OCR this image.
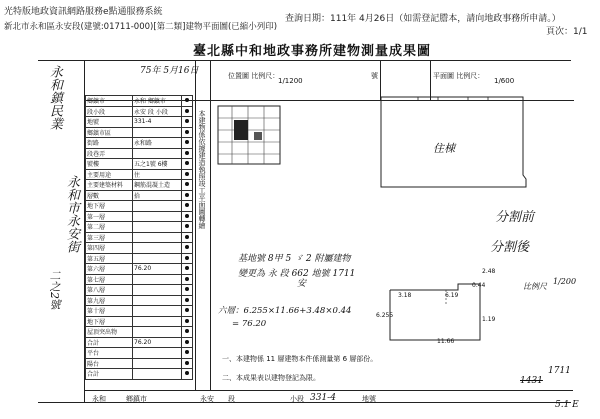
光特版地政資訊網路服務e點通服務系統
查詢日期：111年 4月26日（如需登記謄本，請向地政事務所申請。）
新北市永和區永安段(建號:01711-000)[第二類]建物平面圖(已縮小列印)	頁次：1/1
臺北縣中和地政事務所建物測量成果圖
位置圖 比例尺：
1/1200
號	平面圖 比例尺：
1/600
75年 5月16日
鄉鎮市	永和 鄉鎮市	
段小段	永安 段 小段	
地號	331-4	
鄉鎮市區		
街路	永和路	
段巷弄		
號樓	五之1號 6樓	
主要用途	住	
主要建築材料	鋼筋混凝土造	
層數	拾	
地下層		
第一層		
第二層		
第三層		
第四層		
第五層		
第六層	76.20	
第七層		
第八層		
第九層		
第十層		
地下層		
屋頂突出物		
合計	76.20	
平台		
陽台		
合計		
永和鎮民業
永和市永安街
二之2號
本建物係依據建造執照竣工平面圖轉繪	住棟
分割前
分割後
基地號 8甲 5 ゞ 2 附屬建物
變更為 永 段 662 地號 1711
安	比例尺
1/200
2.48
0.44
3.18
6.255
11.66
6.19
1.19
六層：6.255×11.66+3.48×0.44
= 76.20
一、本建物係 11 層建物本件係測量第 6 層部份。
二、本成果表以建物登記為限。
1711
1431
永和	鄉鎮市	永安 段	小段 331-4	地號
5.1 E
